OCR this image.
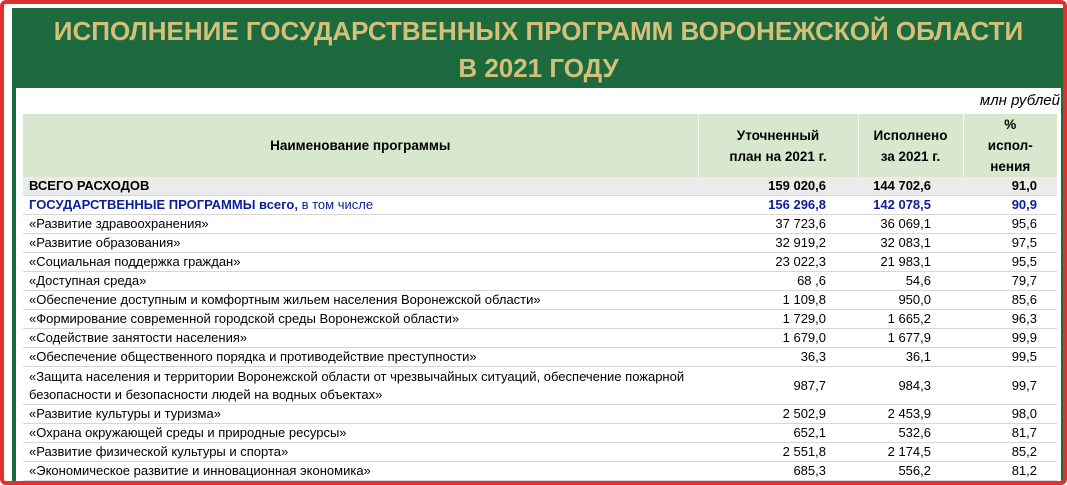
ИСПОЛНЕНИЕ ГОСУДАРСТВЕННЫХ ПРОГРАММ ВОРОНЕЖСКОЙ ОБЛАСТИ
В 2021 ГОДУ
млн рублей
Наименование программы	Уточненный план на 2021 г.	Исполнено за 2021 г.	% испол- нения
ВСЕГО РАСХОДОВ	159 020,6	144 702,6	91,0
ГОСУДАРСТВЕННЫЕ ПРОГРАММЫ всего, в том числе	156 296,8	142 078,5	90,9
«Развитие здравоохранения»	37 723,6	36 069,1	95,6
«Развитие образования»	32 919,2	32 083,1	97,5
«Социальная поддержка граждан»	23 022,3	21 983,1	95,5
«Доступная среда»	68 ,6	54,6	79,7
«Обеспечение доступным и комфортным жильем населения Воронежской области»	1 109,8	950,0	85,6
«Формирование современной городской среды Воронежской области»	1 729,0	1 665,2	96,3
«Содействие занятости населения»	1 679,0	1 677,9	99,9
«Обеспечение общественного порядка и противодействие преступности»	36,3	36,1	99,5
«Защита населения и территории Воронежской области от чрезвычайных ситуаций, обеспечение пожарной безопасности и безопасности людей на водных объектах»	987,7	984,3	99,7
«Развитие культуры и туризма»	2 502,9	2 453,9	98,0
«Охрана окружающей среды и природные ресурсы»	652,1	532,6	81,7
«Развитие физической культуры и спорта»	2 551,8	2 174,5	85,2
«Экономическое развитие и инновационная экономика»	685,3	556,2	81,2
